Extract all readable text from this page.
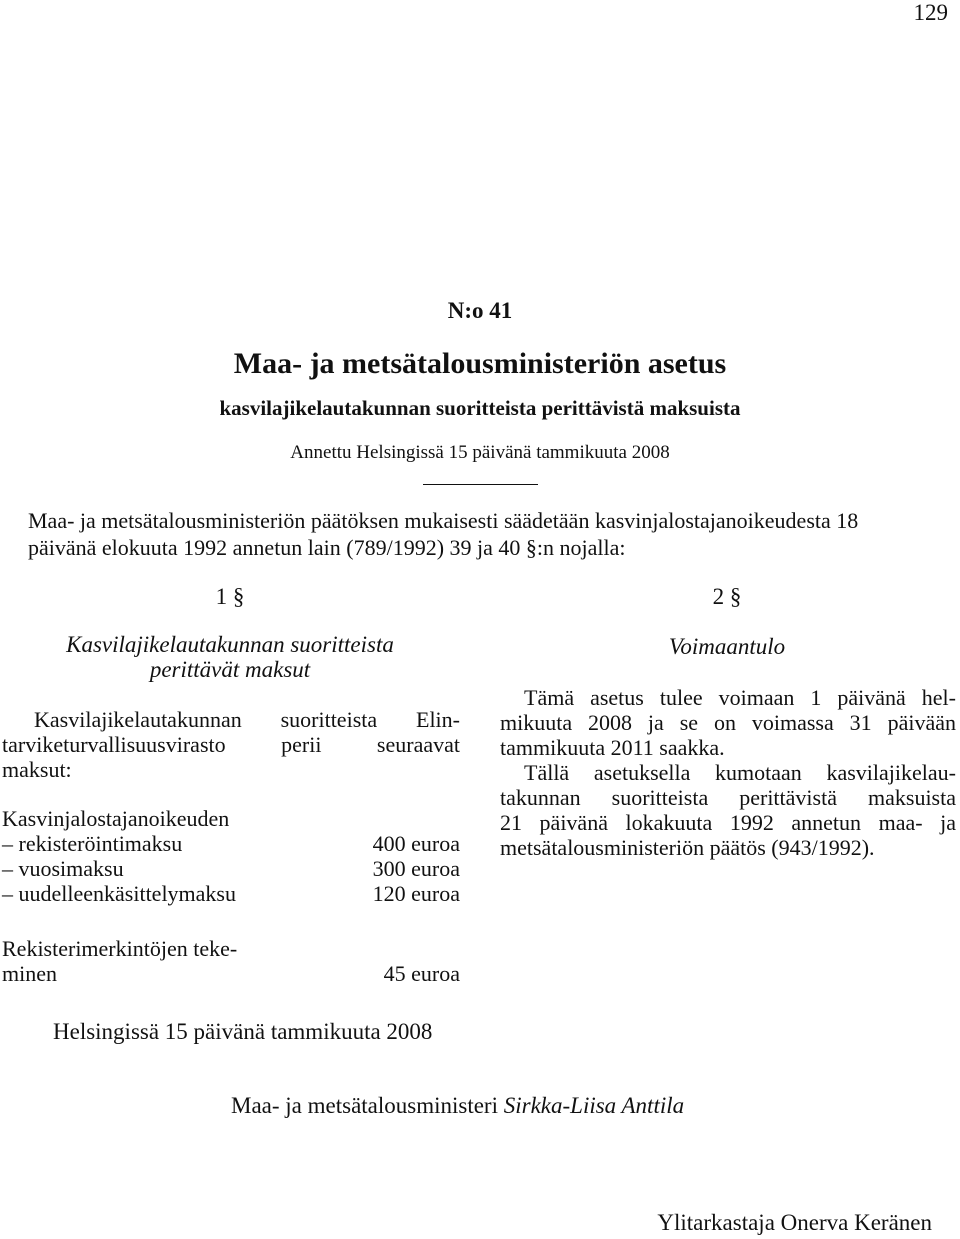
129
N:o 41
Maa- ja metsätalousministeriön asetus
kasvilajikelautakunnan suoritteista perittävistä maksuista
Annettu Helsingissä 15 päivänä tammikuuta 2008
Maa- ja metsätalousministeriön päätöksen mukaisesti säädetään kasvinjalostajanoikeudesta 18 päivänä elokuuta 1992 annetun lain (789/1992) 39 ja 40 §:n nojalla:
1 §
Kasvilajikelautakunnan suoritteista
perittävät maksut
Kasvilajikelautakunnan suoritteista Elin-
tarviketurvallisuusvirasto perii seuraavat
maksut:
Kasvinjalostajanoikeuden
– rekisteröintimaksu	400 euroa
– vuosimaksu	300 euroa
– uudelleenkäsittelymaksu	120 euroa
Rekisterimerkintöjen teke-
minen	45 euroa
2 §
Voimaantulo
Tämä asetus tulee voimaan 1 päivänä hel-
mikuuta 2008 ja se on voimassa 31 päivään
tammikuuta 2011 saakka.
Tällä asetuksella kumotaan kasvilajikelau-
takunnan suoritteista perittävistä maksuista
21 päivänä lokakuuta 1992 annetun maa- ja
metsätalousministeriön päätös (943/1992).
Helsingissä 15 päivänä tammikuuta 2008
Maa- ja metsätalousministeri Sirkka-Liisa Anttila
Ylitarkastaja Onerva Keränen
